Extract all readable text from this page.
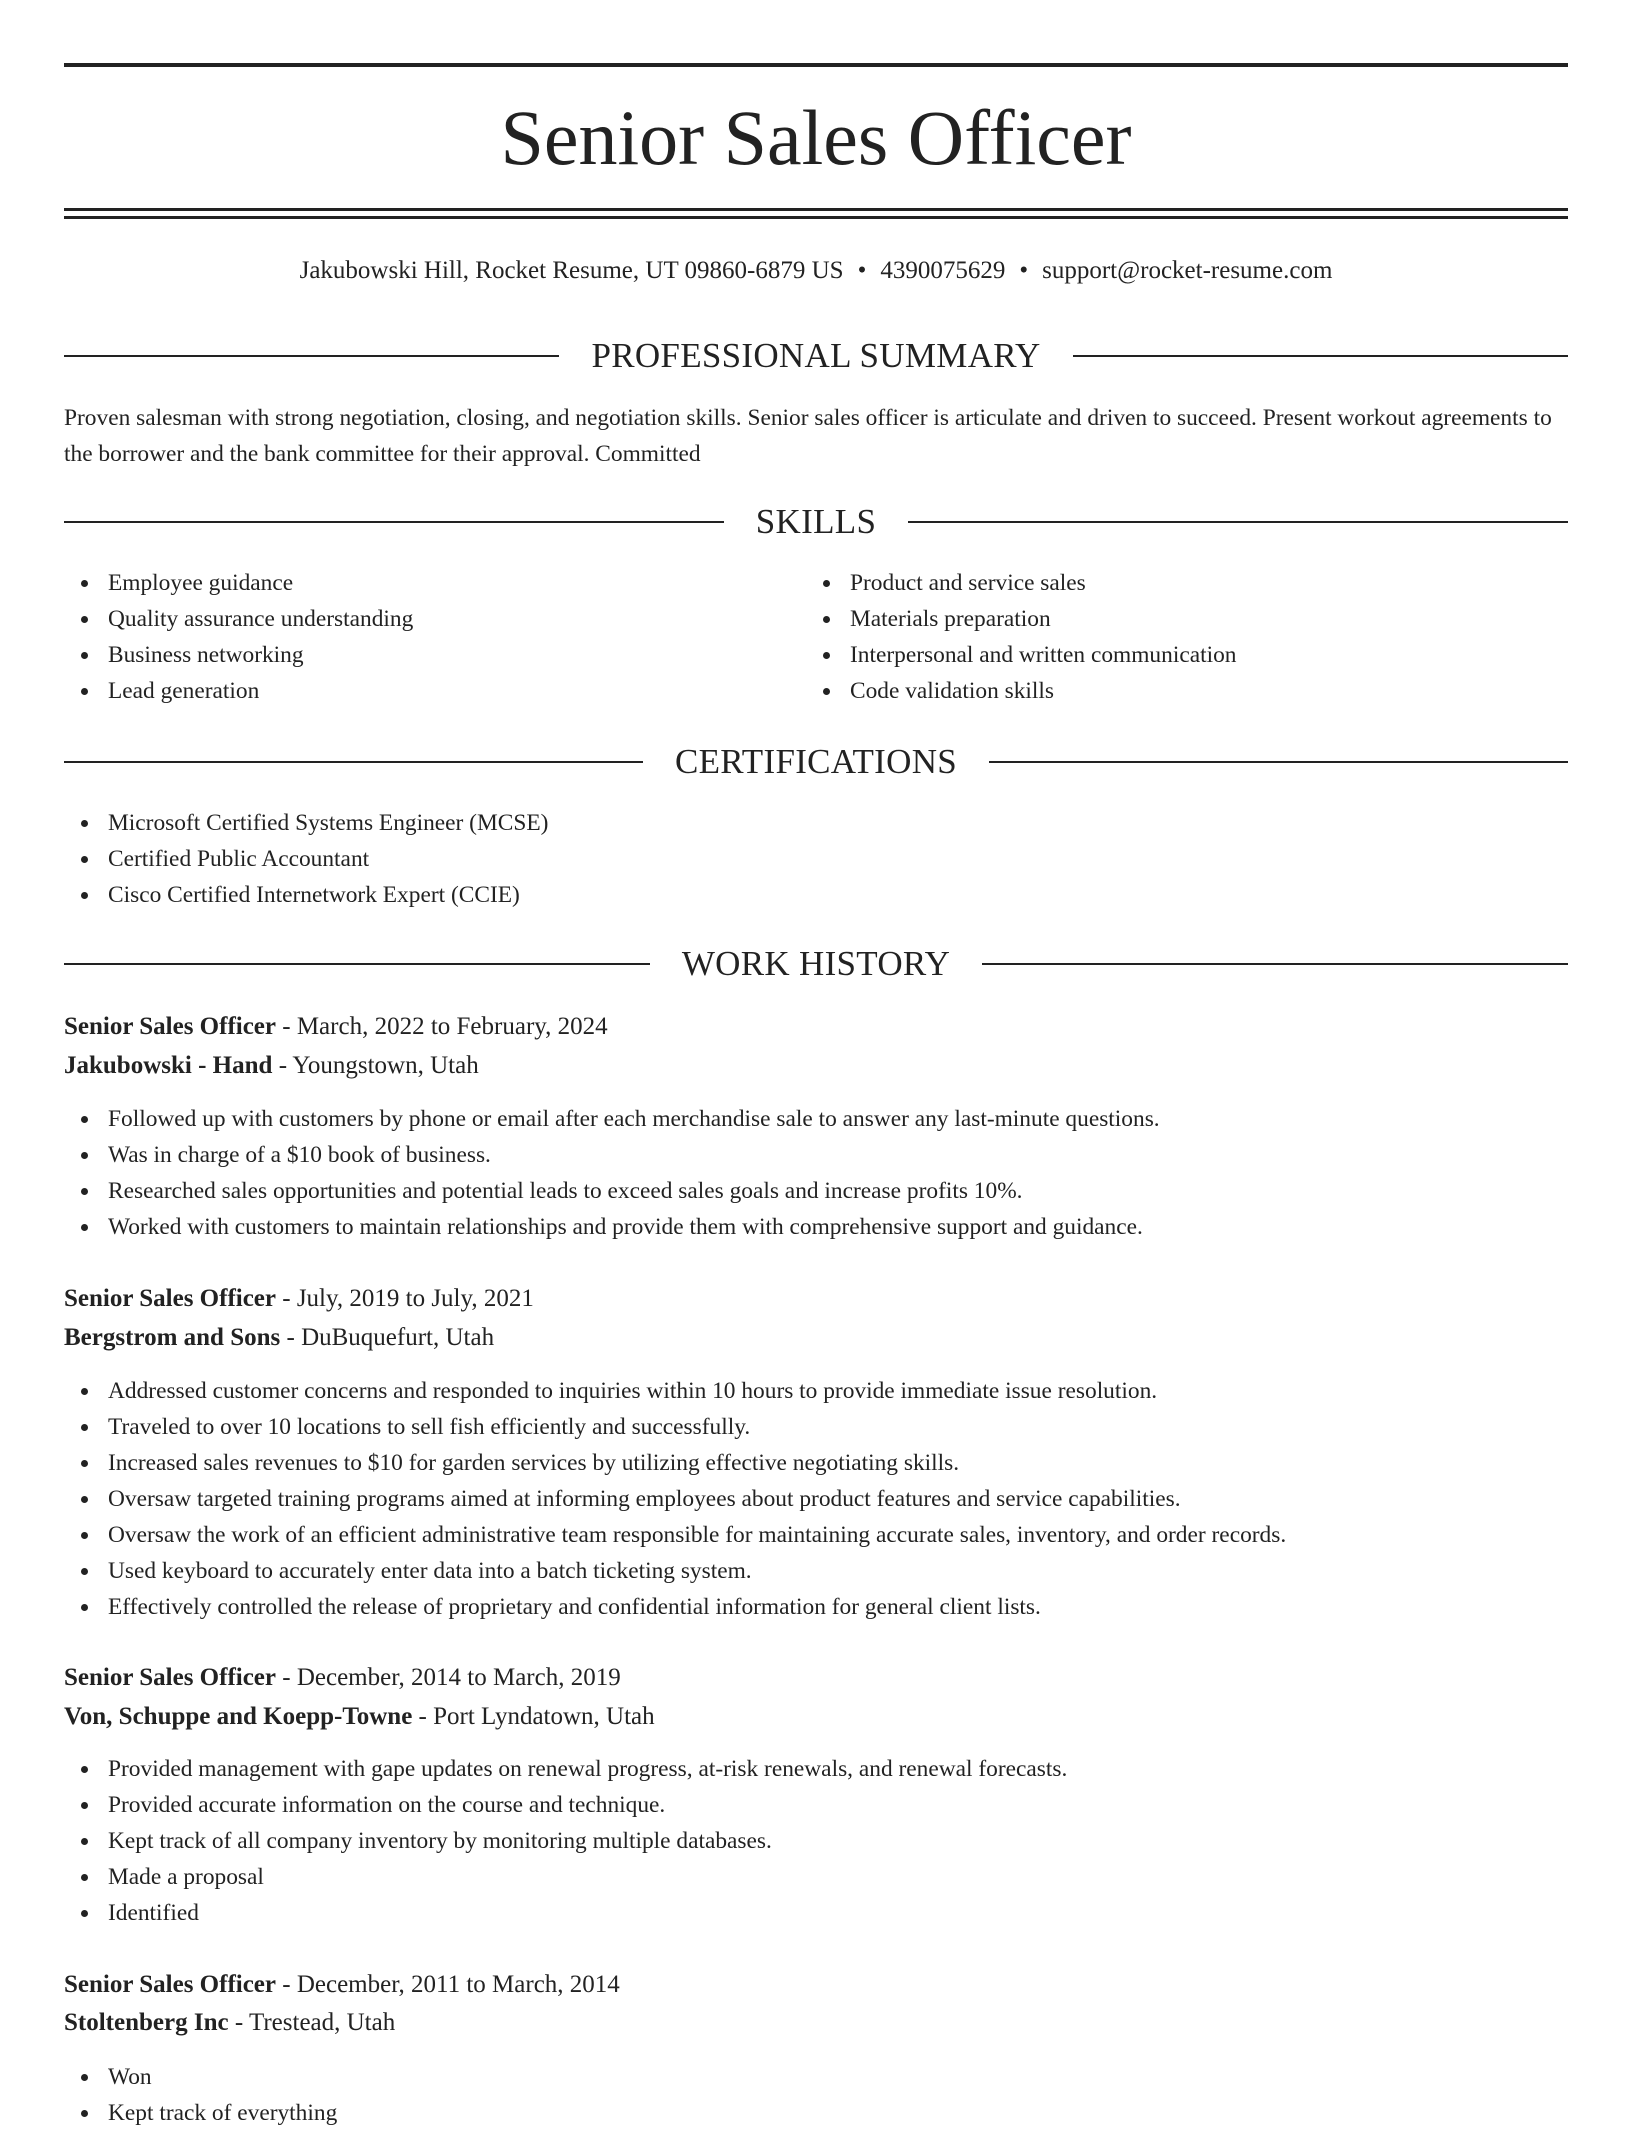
Senior Sales Officer
Jakubowski Hill, Rocket Resume, UT 09860-6879 US • 4390075629 • support@rocket-resume.com
PROFESSIONAL SUMMARY
Proven salesman with strong negotiation, closing, and negotiation skills. Senior sales officer is articulate and driven to succeed. Present workout agreements to the borrower and the bank committee for their approval. Committed
SKILLS
Employee guidance
Quality assurance understanding
Business networking
Lead generation
Product and service sales
Materials preparation
Interpersonal and written communication
Code validation skills
CERTIFICATIONS
Microsoft Certified Systems Engineer (MCSE)
Certified Public Accountant
Cisco Certified Internetwork Expert (CCIE)
WORK HISTORY
Senior Sales Officer - March, 2022 to February, 2024
Jakubowski - Hand - Youngstown, Utah
Followed up with customers by phone or email after each merchandise sale to answer any last-minute questions.
Was in charge of a $10 book of business.
Researched sales opportunities and potential leads to exceed sales goals and increase profits 10%.
Worked with customers to maintain relationships and provide them with comprehensive support and guidance.
Senior Sales Officer - July, 2019 to July, 2021
Bergstrom and Sons - DuBuquefurt, Utah
Addressed customer concerns and responded to inquiries within 10 hours to provide immediate issue resolution.
Traveled to over 10 locations to sell fish efficiently and successfully.
Increased sales revenues to $10 for garden services by utilizing effective negotiating skills.
Oversaw targeted training programs aimed at informing employees about product features and service capabilities.
Oversaw the work of an efficient administrative team responsible for maintaining accurate sales, inventory, and order records.
Used keyboard to accurately enter data into a batch ticketing system.
Effectively controlled the release of proprietary and confidential information for general client lists.
Senior Sales Officer - December, 2014 to March, 2019
Von, Schuppe and Koepp-Towne - Port Lyndatown, Utah
Provided management with gape updates on renewal progress, at-risk renewals, and renewal forecasts.
Provided accurate information on the course and technique.
Kept track of all company inventory by monitoring multiple databases.
Made a proposal
Identified
Senior Sales Officer - December, 2011 to March, 2014
Stoltenberg Inc - Trestead, Utah
Won
Kept track of everything
